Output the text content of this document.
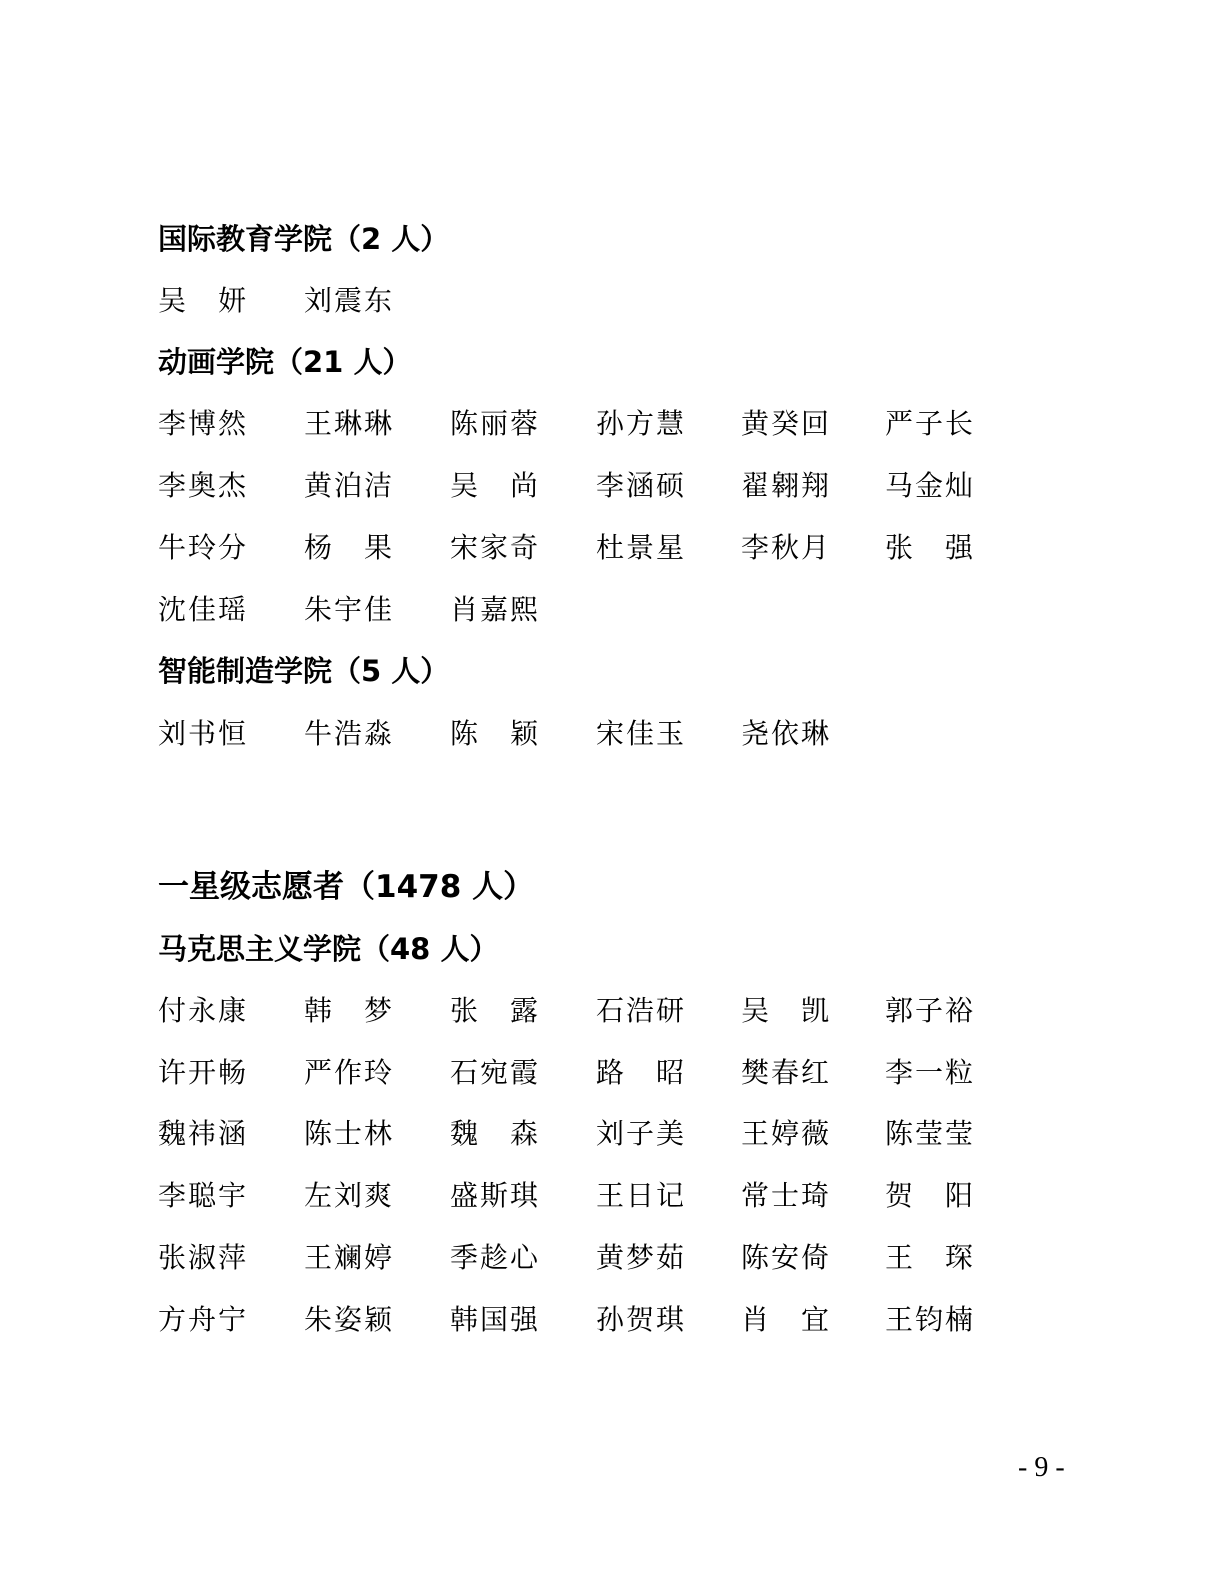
国际教育学院（2 人）
吴　妍 刘震东
动画学院（21 人）
李博然 王琳琳 陈丽蓉 孙方慧 黄癸回 严子长
李奥杰 黄泊洁 吴　尚 李涵硕 翟翱翔 马金灿
牛玲分 杨　果 宋家奇 杜景星 李秋月 张　强
沈佳瑶 朱宇佳 肖嘉熙
智能制造学院（5 人）
刘书恒 牛浩淼 陈　颖 宋佳玉 尧依琳
一星级志愿者（1478 人）
马克思主义学院（48 人）
付永康 韩　梦 张　露 石浩研 吴　凯 郭子裕
许开畅 严作玲 石宛霞 路　昭 樊春红 李一粒
魏祎涵 陈士林 魏　森 刘子美 王婷薇 陈莹莹
李聪宇 左刘爽 盛斯琪 王日记 常士琦 贺　阳
张淑萍 王斓婷 季趁心 黄梦茹 陈安倚 王　琛
方舟宁 朱姿颖 韩国强 孙贺琪 肖　宜 王钧楠
- 9 -
